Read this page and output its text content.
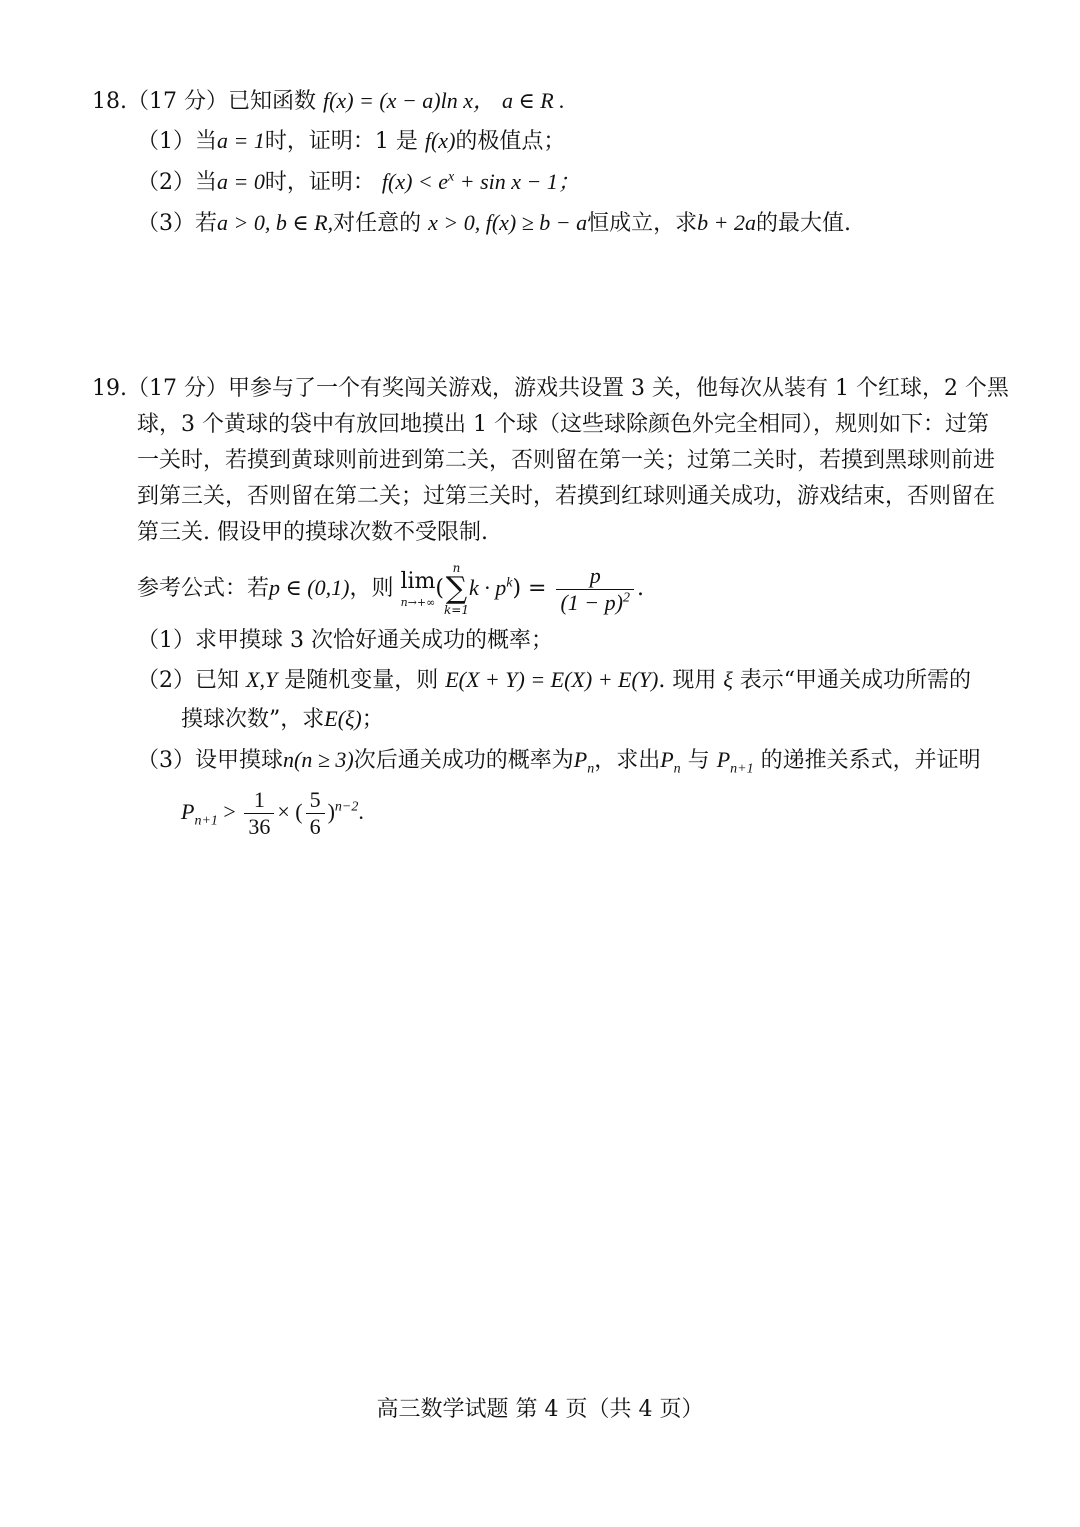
18.（17 分）已知函数 f(x) = (x − a)ln x， a ∈ R .
（1）当a = 1时，证明：1 是 f(x)的极值点；
（2）当a = 0时，证明： $f(x) < e^x + \sin x - 1$；
（3）若a > 0, b ∈ R,对任意的 x > 0, f(x) ≥ b − a恒成立，求b + 2a的最大值.
19.（17 分）甲参与了一个有奖闯关游戏，游戏共设置 3 关，他每次从装有 1 个红球，2 个黑
球，3 个黄球的袋中有放回地摸出 1 个球（这些球除颜色外完全相同），规则如下：过第
一关时，若摸到黄球则前进到第二关，否则留在第一关；过第二关时，若摸到黑球则前进
到第三关，否则留在第二关；过第三关时，若摸到红球则通关成功，游戏结束，否则留在
第三关. 假设甲的摸球次数不受限制.
参考公式：若p ∈ (0,1)，则 lim
n→+∞
(
n
∑
k=1
$k \cdot p^k) = \frac{p}{(1 - p)^2}$ .
（1）求甲摸球 3 次恰好通关成功的概率；
（2）已知 X,Y 是随机变量，则 E(X + Y) = E(X) + E(Y). 现用 ξ 表示“甲通关成功所需的
摸球次数”，求E(ξ)；
（3）设甲摸球n(n ≥ 3)次后通关成功的概率为$P_n$，求出$P_n$ 与 $P_{n+1}$ 的递推关系式，并证明
$P_{n+1} > \frac{1}{36}$ × ( $\frac{5}{6} )^{n-2}$.
高三数学试题 第 4 页（共 4 页）
